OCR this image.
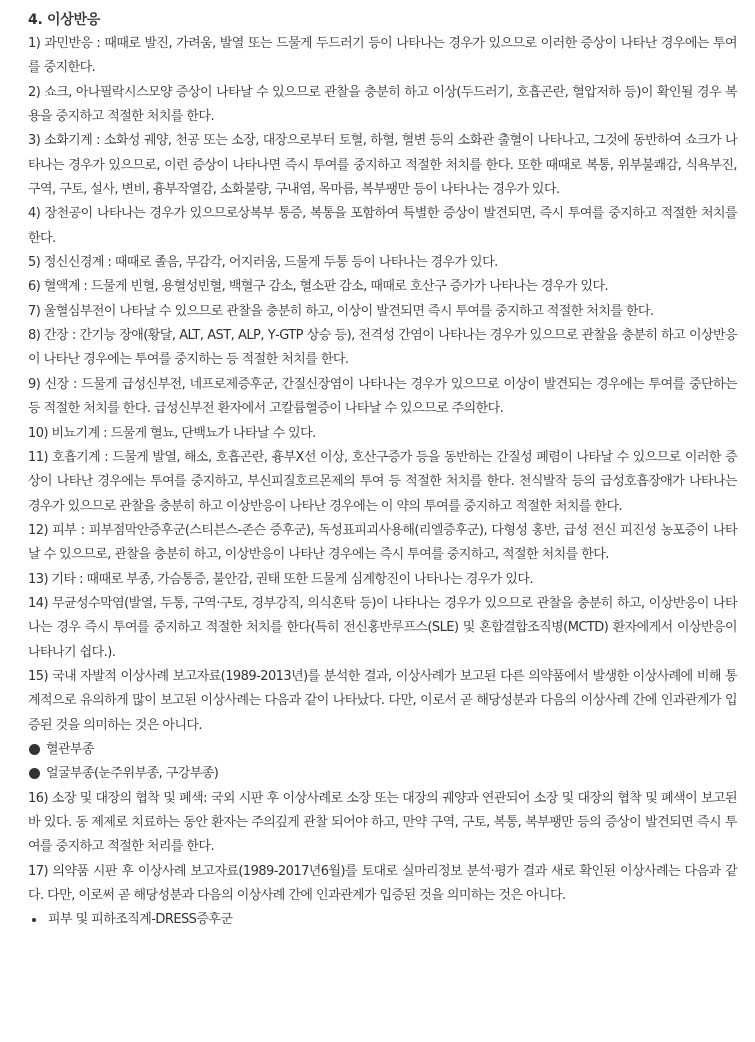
4. 이상반응

1) 과민반응 : 때때로 발진, 가려움, 발열 또는 드물게 두드러기 등이 나타나는 경우가 있으므로 이러한 증상이 나타난 경우에는 투여를 중지한다.

2) 쇼크, 아나필락시스모양 증상이 나타날 수 있으므로 관찰을 충분히 하고 이상(두드러기, 호흡곤란, 혈압저하 등)이 확인될 경우 복용을 중지하고 적절한 처치를 한다.

3) 소화기계 : 소화성 궤양, 천공 또는 소장, 대장으로부터 토혈, 하혈, 혈변 등의 소화관 출혈이 나타나고, 그것에 동반하여 쇼크가 나타나는 경우가 있으므로, 이런 증상이 나타나면 즉시 투여를 중지하고 적절한 처치를 한다. 또한 때때로 복통, 위부불쾌감, 식욕부진, 구역, 구토, 설사, 변비, 흉부작열감, 소화불량, 구내염, 목마름, 복부팽만 등이 나타나는 경우가 있다.

4) 장천공이 나타나는 경우가 있으므로상복부 통증, 복통을 포함하여 특별한 증상이 발견되면, 즉시 투여를 중지하고 적절한 처치를 한다.

5) 정신신경계 : 때때로 졸음, 무감각, 어지러움, 드물게 두통 등이 나타나는 경우가 있다.

6) 혈액계 : 드물게 빈혈, 용혈성빈혈, 백혈구 감소, 혈소판 감소, 때때로 호산구 증가가 나타나는 경우가 있다.

7) 울혈심부전이 나타날 수 있으므로 관찰을 충분히 하고, 이상이 발견되면 즉시 투여를 중지하고 적절한 처치를 한다.

8) 간장 : 간기능 장애(황달, ALT, AST, ALP, Υ-GTP 상승 등), 전격성 간염이 나타나는 경우가 있으므로 관찰을 충분히 하고 이상반응이 나타난 경우에는 투여를 중지하는 등 적절한 처치를 한다.

9) 신장 : 드물게 급성신부전, 네프로제증후군, 간질신장염이 나타나는 경우가 있으므로 이상이 발견되는 경우에는 투여를 중단하는 등 적절한 처치를 한다. 급성신부전 환자에서 고칼륨혈증이 나타날 수 있으므로 주의한다.

10) 비뇨기계 : 드물게 혈뇨, 단백뇨가 나타날 수 있다.

11) 호흡기계 : 드물게 발열, 해소, 호흡곤란, 흉부X선 이상, 호산구증가 등을 동반하는 간질성 폐렴이 나타날 수 있으므로 이러한 증상이 나타난 경우에는 투여를 중지하고, 부신피질호르몬제의 투여 등 적절한 처치를 한다. 천식발작 등의 급성호흡장애가 나타나는 경우가 있으므로 관찰을 충분히 하고 이상반응이 나타난 경우에는 이 약의 투여를 중지하고 적절한 처치를 한다.

12) 피부 : 피부점막안증후군(스티븐스-존슨 증후군), 독성표피괴사용해(리엘증후군), 다형성 홍반, 급성 전신 피진성 농포증이 나타날 수 있으므로, 관찰을 충분히 하고, 이상반응이 나타난 경우에는 즉시 투여를 중지하고, 적절한 처치를 한다.

13) 기타 : 때때로 부종, 가슴통증, 불안감, 권태 또한 드물게 심계항진이 나타나는 경우가 있다.

14) 무균성수막염(발열, 두통, 구역·구토, 경부강직, 의식혼탁 등)이 나타나는 경우가 있으므로 관찰을 충분히 하고, 이상반응이 나타나는 경우 즉시 투여를 중지하고 적절한 처치를 한다(특히 전신홍반루프스(SLE) 및 혼합결합조직병(MCTD) 환자에게서 이상반응이 나타나기 쉽다.).

15) 국내 자발적 이상사례 보고자료(1989-2013년)를 분석한 결과, 이상사례가 보고된 다른 의약품에서 발생한 이상사례에 비해 통계적으로 유의하게 많이 보고된 이상사례는 다음과 같이 나타났다. 다만, 이로서 곧 해당성분과 다음의 이상사례 간에 인과관계가 입증된 것을 의미하는 것은 아니다.

혈관부종
얼굴부종(눈주위부종, 구강부종)

16) 소장 및 대장의 협착 및 폐색: 국외 시판 후 이상사례로 소장 또는 대장의 궤양과 연관되어 소장 및 대장의 협착 및 폐색이 보고된바 있다. 동 제제로 치료하는 동안 환자는 주의깊게 관찰 되어야 하고, 만약 구역, 구토, 복통, 복부팽만 등의 증상이 발견되면 즉시 투여를 중지하고 적절한 처리를 한다.

17) 의약품 시판 후 이상사례 보고자료(1989-2017년6월)를 토대로 실마리정보 분석·평가 결과 새로 확인된 이상사례는 다음과 같다. 다만, 이로써 곧 해당성분과 다음의 이상사례 간에 인과관계가 입증된 것을 의미하는 것은 아니다.

피부 및 피하조직계-DRESS증후군
